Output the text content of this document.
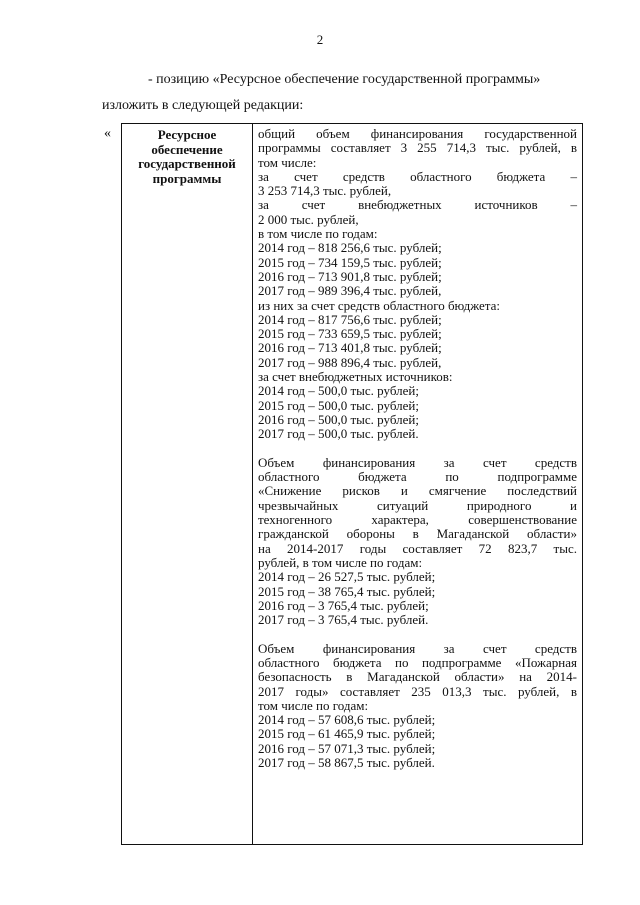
2
- позицию «Ресурсное обеспечение государственной программы»
изложить в следующей редакции:
«	Ресурсное
обеспечение
государственной
программы
общий объем финансирования государственной
программы составляет 3 255 714,3 тыс. рублей, в
том числе:
за счет средств областного бюджета –
3 253 714,3 тыс. рублей,
за счет внебюджетных источников –
2 000 тыс. рублей,
в том числе по годам:
2014 год – 818 256,6 тыс. рублей;
2015 год – 734 159,5 тыс. рублей;
2016 год – 713 901,8 тыс. рублей;
2017 год – 989 396,4 тыс. рублей,
из них за счет средств областного бюджета:
2014 год – 817 756,6 тыс. рублей;
2015 год – 733 659,5 тыс. рублей;
2016 год – 713 401,8 тыс. рублей;
2017 год – 988 896,4 тыс. рублей,
за счет внебюджетных источников:
2014 год – 500,0 тыс. рублей;
2015 год – 500,0 тыс. рублей;
2016 год – 500,0 тыс. рублей;
2017 год – 500,0 тыс. рублей.
Объем финансирования за счет средств
областного бюджета по подпрограмме
«Снижение рисков и смягчение последствий
чрезвычайных ситуаций природного и
техногенного характера, совершенствование
гражданской обороны в Магаданской области»
на 2014-2017 годы составляет 72 823,7 тыс.
рублей, в том числе по годам:
2014 год – 26 527,5 тыс. рублей;
2015 год – 38 765,4 тыс. рублей;
2016 год – 3 765,4 тыс. рублей;
2017 год – 3 765,4 тыс. рублей.
Объем финансирования за счет средств
областного бюджета по подпрограмме «Пожарная
безопасность в Магаданской области» на 2014-
2017 годы» составляет 235 013,3 тыс. рублей, в
том числе по годам:
2014 год – 57 608,6 тыс. рублей;
2015 год – 61 465,9 тыс. рублей;
2016 год – 57 071,3 тыс. рублей;
2017 год – 58 867,5 тыс. рублей.
